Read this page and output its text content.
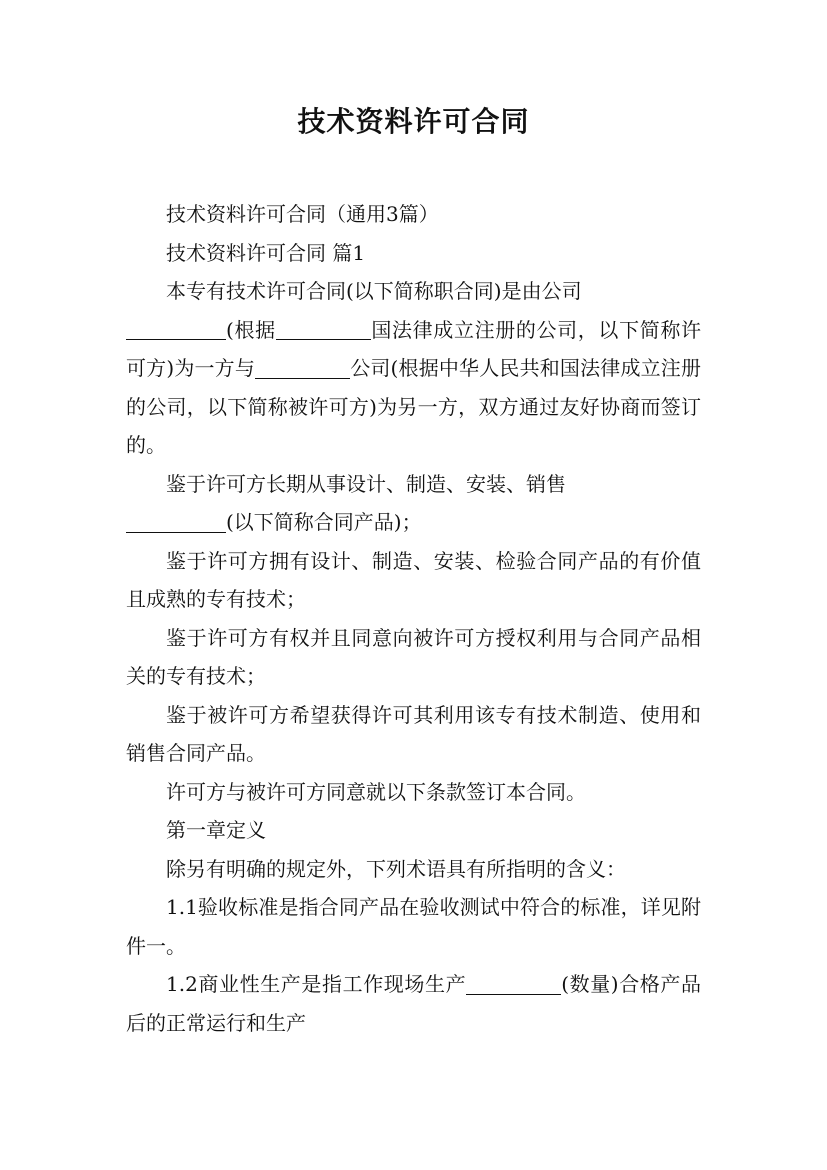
技术资料许可合同

技术资料许可合同（通用3篇）

技术资料许可合同 篇1

本专有技术许可合同(以下简称职合同)是由公司
(根据	国法律成立注册的公司，以下简称许可方)为一方与	公司(根据中华人民共和国法律成立注册的公司，以下简称被许可方)为另一方，双方通过友好协商而签订的。

鉴于许可方长期从事设计、制造、安装、销售
(以下简称合同产品)；

鉴于许可方拥有设计、制造、安装、检验合同产品的有价值且成熟的专有技术；

鉴于许可方有权并且同意向被许可方授权利用与合同产品相关的专有技术；

鉴于被许可方希望获得许可其利用该专有技术制造、使用和销售合同产品。

许可方与被许可方同意就以下条款签订本合同。

第一章定义

除另有明确的规定外，下列术语具有所指明的含义：

1.1验收标准是指合同产品在验收测试中符合的标准，详见附件一。

1.2商业性生产是指工作现场生产	(数量)合格产品后的正常运行和生产
